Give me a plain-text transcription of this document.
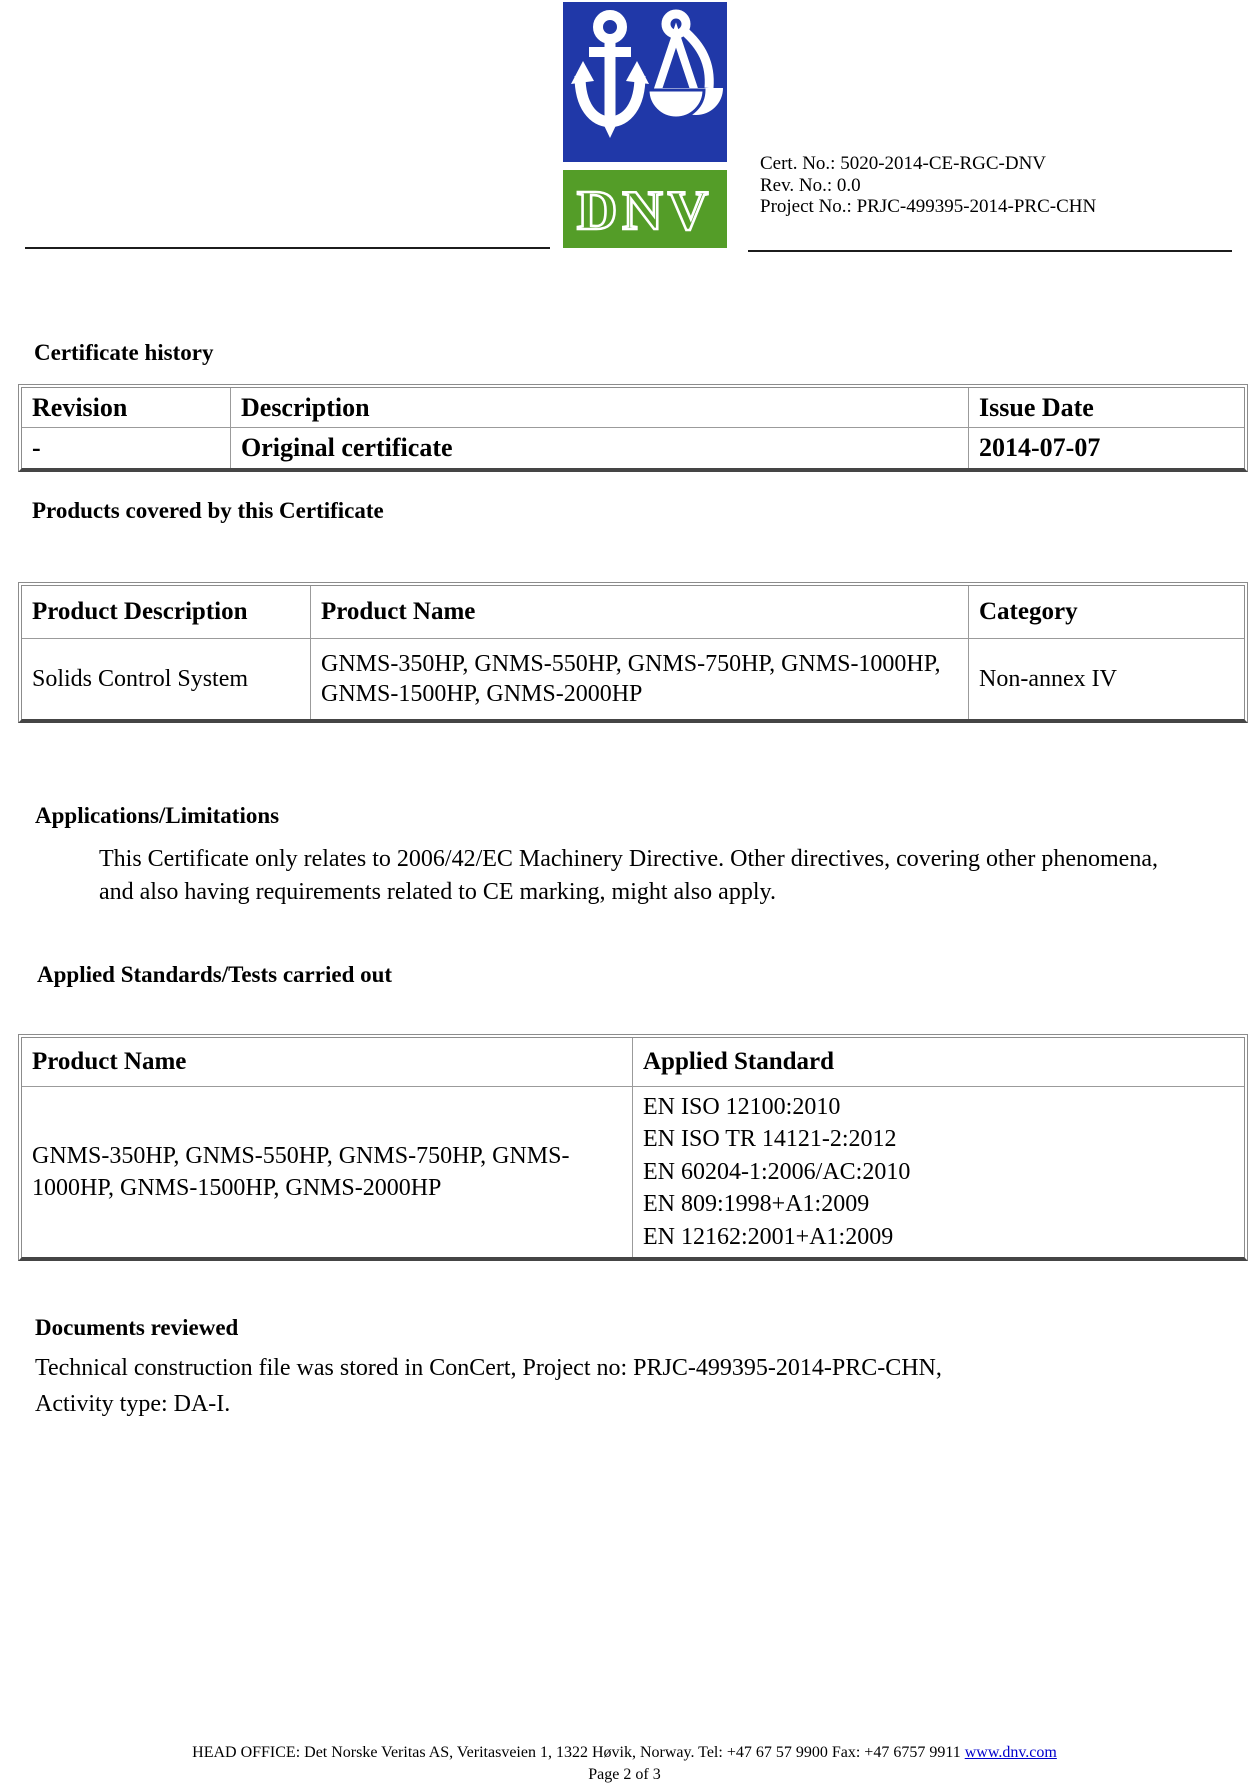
DNV
Cert. No.: 5020-2014-CE-RGC-DNV
Rev. No.: 0.0
Project No.: PRJC-499395-2014-PRC-CHN
Certificate history
Revision	Description	Issue Date
-	Original certificate	2014-07-07
Products covered by this Certificate
Product Description	Product Name	Category
Solids Control System	GNMS-350HP, GNMS-550HP, GNMS-750HP, GNMS-1000HP, GNMS-1500HP, GNMS-2000HP	Non-annex IV
Applications/Limitations
This Certificate only relates to 2006/42/EC Machinery Directive. Other directives, covering other phenomena, and also having requirements related to CE marking, might also apply.
Applied Standards/Tests carried out
Product Name	Applied Standard
GNMS-350HP, GNMS-550HP, GNMS-750HP, GNMS-1000HP, GNMS-1500HP, GNMS-2000HP	EN ISO 12100:2010
EN ISO TR 14121-2:2012
EN 60204-1:2006/AC:2010
EN 809:1998+A1:2009
EN 12162:2001+A1:2009
Documents reviewed
Technical construction file was stored in ConCert, Project no: PRJC-499395-2014-PRC-CHN,
Activity type: DA-I.
HEAD OFFICE: Det Norske Veritas AS, Veritasveien 1, 1322 Høvik, Norway. Tel: +47 67 57 9900 Fax: +47 6757 9911 www.dnv.com
Page 2 of 3
